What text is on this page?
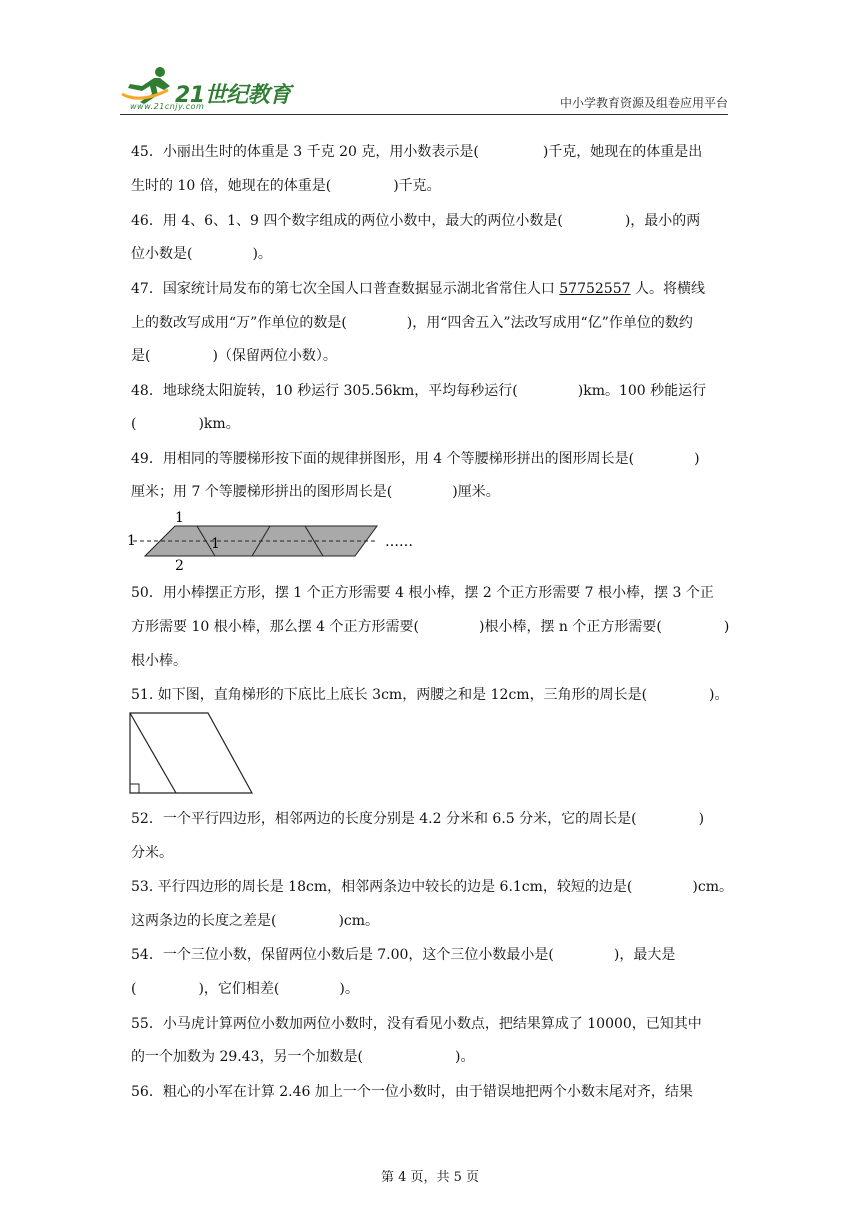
21世纪教育
www.21cnjy.com	中小学教育资源及组卷应用平台
45．小丽出生时的体重是 3 千克 20 克，用小数表示是(	)千克，她现在的体重是出
生时的 10 倍，她现在的体重是(	)千克。
46．用 4、6、1、9 四个数字组成的两位小数中，最大的两位小数是(	)，最小的两
位小数是(	)。
47．国家统计局发布的第七次全国人口普查数据显示湖北省常住人口 57752557 人。将横线
上的数改写成用“万”作单位的数是(	)，用“四舍五入”法改写成用“亿”作单位的数约
是(	)（保留两位小数）。
48．地球绕太阳旋转，10 秒运行 305.56km，平均每秒运行(	)km。100 秒能运行
(	)km。
49．用相同的等腰梯形按下面的规律拼图形，用 4 个等腰梯形拼出的图形周长是(	)
厘米；用 7 个等腰梯形拼出的图形周长是(	)厘米。
1
1	1
2
……
50．用小棒摆正方形，摆 1 个正方形需要 4 根小棒，摆 2 个正方形需要 7 根小棒，摆 3 个正
方形需要 10 根小棒，那么摆 4 个正方形需要(	)根小棒，摆 n 个正方形需要(	)
根小棒。
51. 如下图，直角梯形的下底比上底长 3cm，两腰之和是 12cm，三角形的周长是(	)。
52．一个平行四边形，相邻两边的长度分别是 4.2 分米和 6.5 分米，它的周长是(	)
分米。
53. 平行四边形的周长是 18cm，相邻两条边中较长的边是 6.1cm，较短的边是(	)cm。
这两条边的长度之差是(	)cm。
54．一个三位小数，保留两位小数后是 7.00，这个三位小数最小是(	)，最大是
(	)，它们相差(	)。
55．小马虎计算两位小数加两位小数时，没有看见小数点，把结果算成了 10000，已知其中
的一个加数为 29.43，另一个加数是(	)。
56．粗心的小军在计算 2.46 加上一个一位小数时，由于错误地把两个小数末尾对齐，结果
第 4 页，共 5 页
